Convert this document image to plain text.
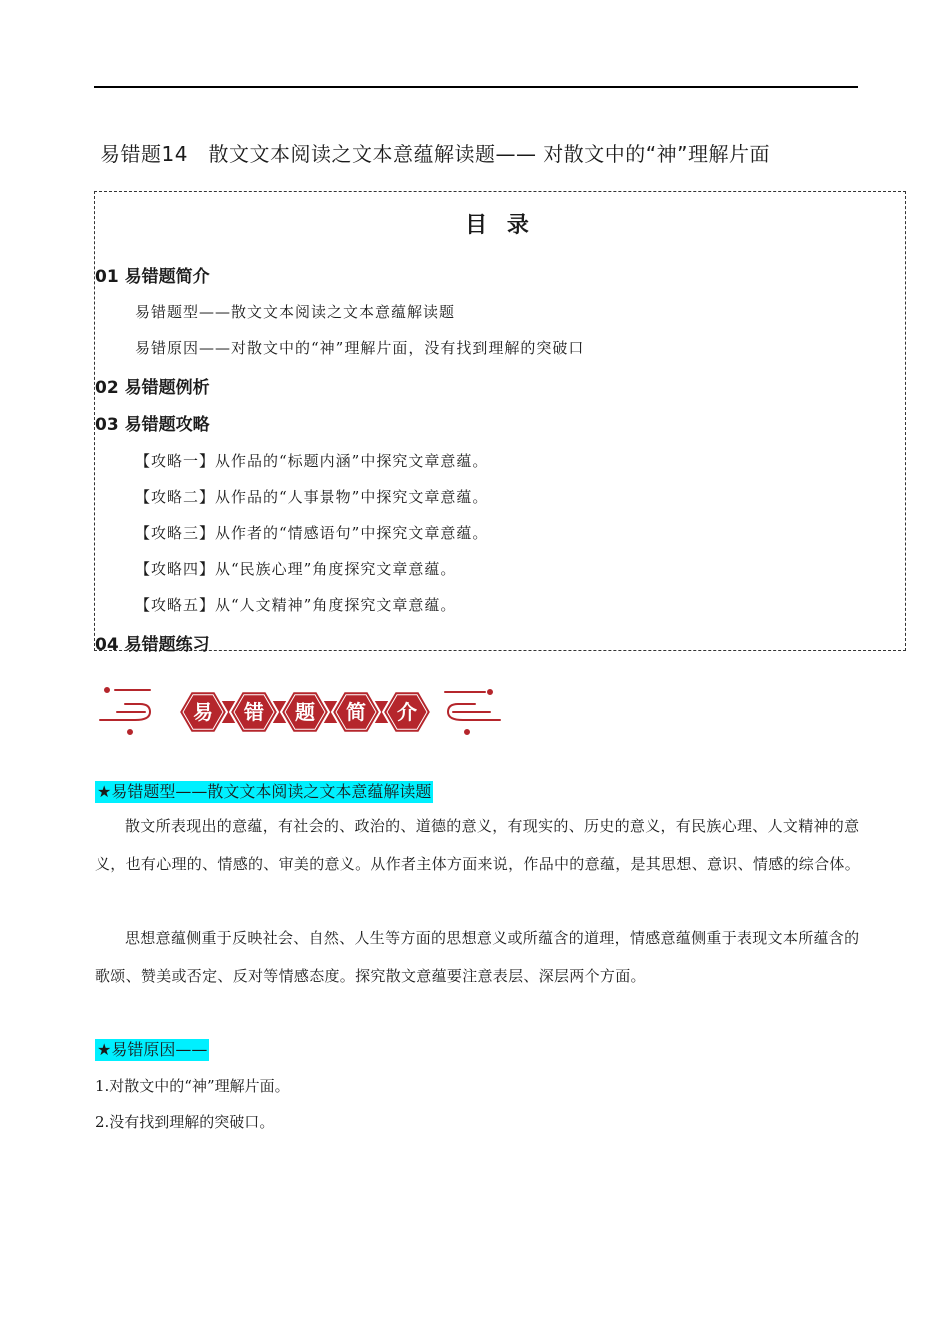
易错题14　散文文本阅读之文本意蕴解读题—— 对散文中的“神”理解片面
目 录
01 易错题简介
易错题型——散文文本阅读之文本意蕴解读题
易错原因——对散文中的“神”理解片面，没有找到理解的突破口
02 易错题例析
03 易错题攻略
【攻略一】从作品的“标题内涵”中探究文章意蕴。
【攻略二】从作品的“人事景物”中探究文章意蕴。
【攻略三】从作者的“情感语句”中探究文章意蕴。
【攻略四】从“民族心理”角度探究文章意蕴。
【攻略五】从“人文精神”角度探究文章意蕴。
04 易错题练习
易 错 题 简 介
★易错题型——散文文本阅读之文本意蕴解读题
散文所表现出的意蕴，有社会的、政治的、道德的意义，有现实的、历史的意义，有民族心理、人文精神的意义，也有心理的、情感的、审美的意义。从作者主体方面来说，作品中的意蕴，是其思想、意识、情感的综合体。
思想意蕴侧重于反映社会、自然、人生等方面的思想意义或所蕴含的道理，情感意蕴侧重于表现文本所蕴含的歌颂、赞美或否定、反对等情感态度。探究散文意蕴要注意表层、深层两个方面。
★易错原因——
1.对散文中的“神”理解片面。
2.没有找到理解的突破口。
